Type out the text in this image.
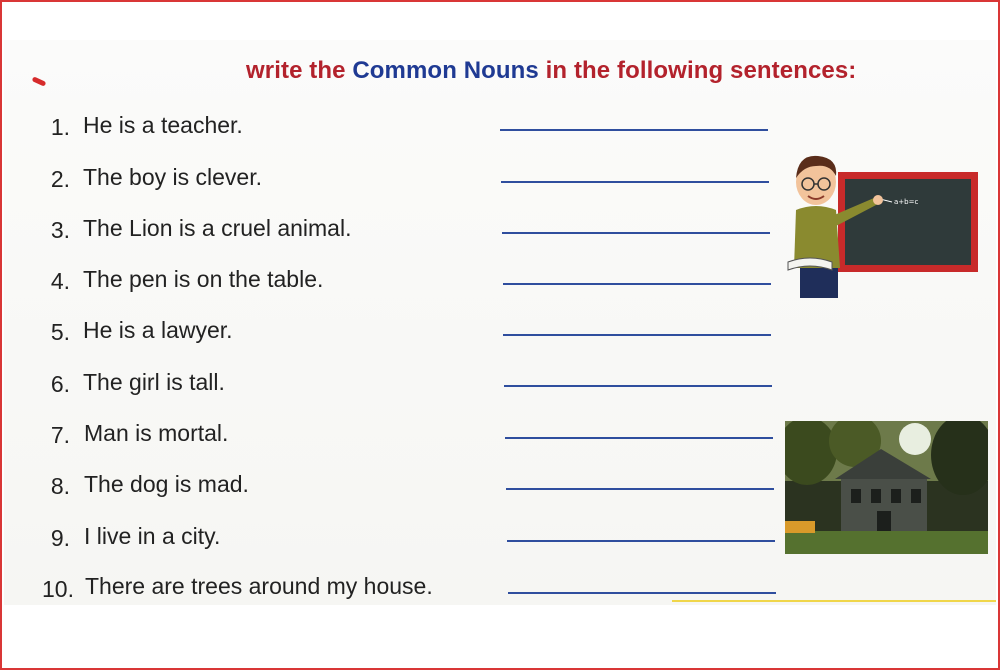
write the Common Nouns in the following sentences:
1. He is a teacher.
2. The boy is clever.
3. The Lion is a cruel animal.
4. The pen is on the table.
5. He is a lawyer.
6. The girl is tall.
7. Man is mortal.
8. The dog is mad.
9. I live in a city.
10. There are trees around my house.
a+b=c
